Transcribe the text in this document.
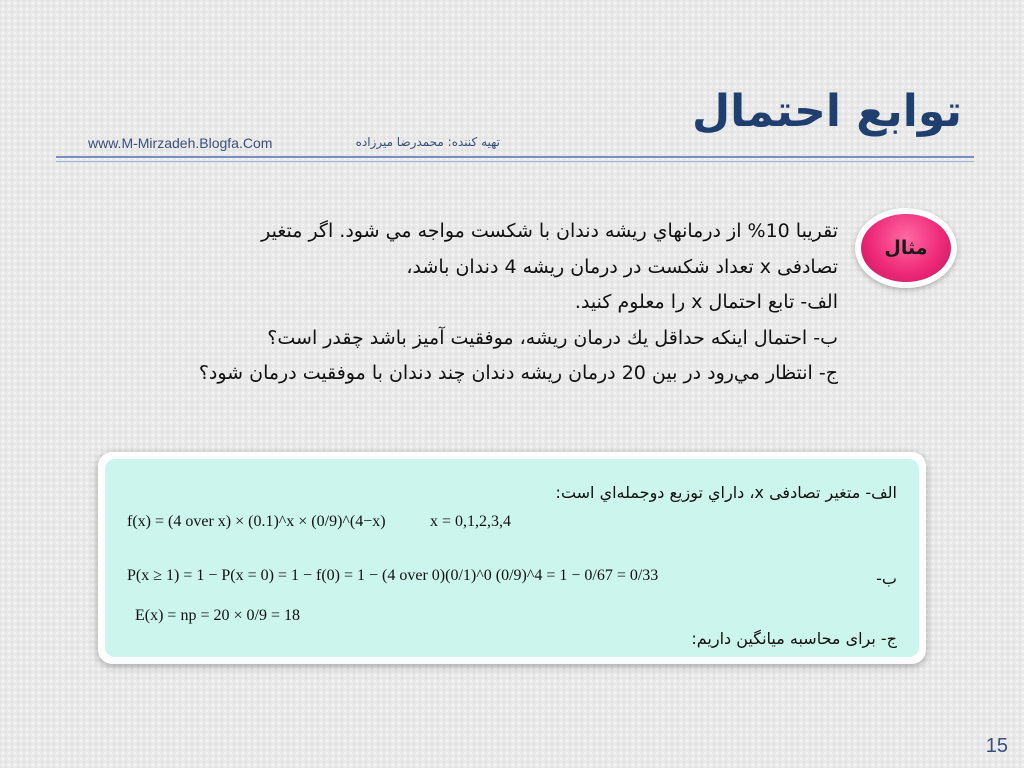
توابع احتمال
www.M-Mirzadeh.Blogfa.Com	تهيه كننده: محمدرضا ميرزاده
مثال

تقريبا 10% از درمانهاي ريشه دندان با شكست مواجه مي شود. اگر متغير

تصادفی x تعداد شکست در درمان ریشه 4 دندان باشد،

الف- تابع احتمال x را معلوم كنيد.

ب- احتمال اینکه حداقل يك درمان ريشه، موفقيت آميز باشد چقدر است؟

ج- انتظار مي‌رود در بين 20 درمان ريشه دندان چند دندان با موفقيت درمان شود؟

الف- متغیر تصادفی x، داراي توزيع دوجمله‌اي است:
f(x) = (4 over x) × (0.1)^x × (0/9)^(4−x)	x = 0,1,2,3,4
ب-
P(x ≥ 1) = 1 − P(x = 0) = 1 − f(0) = 1 − (4 over 0)(0/1)^0 (0/9)^4 = 1 − 0/67 = 0/33
E(x) = np = 20 × 0/9 = 18
ج- برای محاسبه میانگین داریم:
15
